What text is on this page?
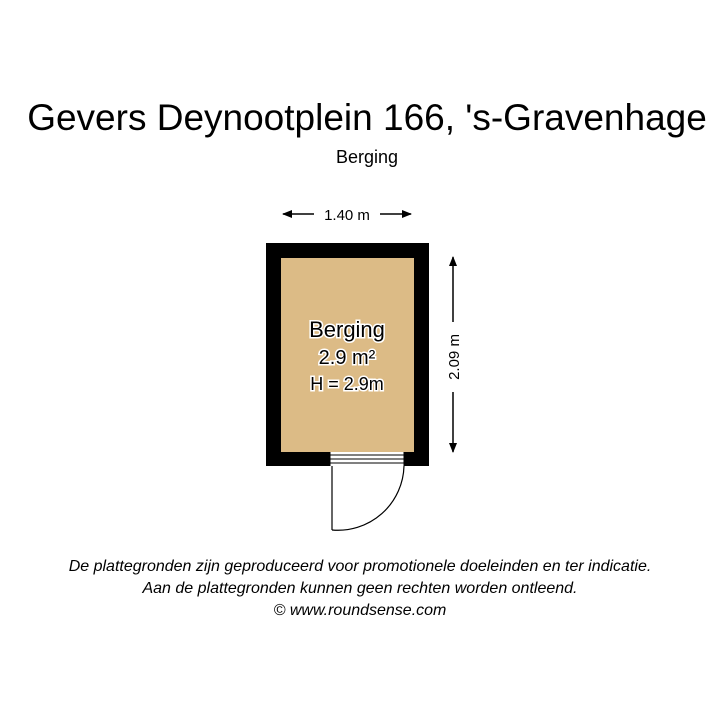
Gevers Deynootplein 166, 's-Gravenhage
Berging
1.40 m
2.09 m
Berging
2.9 m²
H = 2.9m
De plattegronden zijn geproduceerd voor promotionele doeleinden en ter indicatie.
Aan de plattegronden kunnen geen rechten worden ontleend.
© www.roundsense.com
